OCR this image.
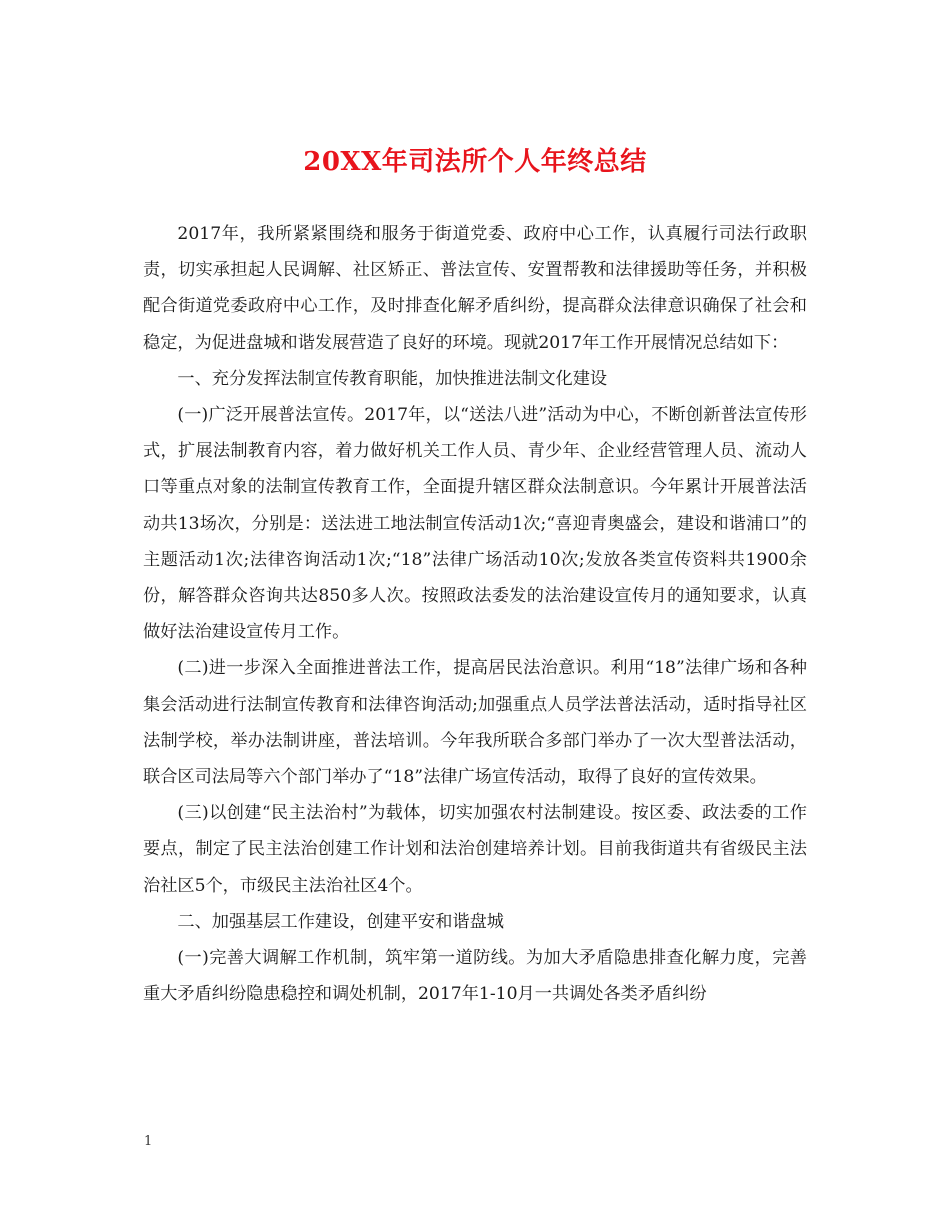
20XX年司法所个人年终总结

2017年，我所紧紧围绕和服务于街道党委、政府中心工作，认真履行司法行政职责，切实承担起人民调解、社区矫正、普法宣传、安置帮教和法律援助等任务，并积极配合街道党委政府中心工作，及时排查化解矛盾纠纷，提高群众法律意识确保了社会和稳定，为促进盘城和谐发展营造了良好的环境。现就2017年工作开展情况总结如下：

一、充分发挥法制宣传教育职能，加快推进法制文化建设

(一)广泛开展普法宣传。2017年，以“送法八进”活动为中心，不断创新普法宣传形式，扩展法制教育内容，着力做好机关工作人员、青少年、企业经营管理人员、流动人口等重点对象的法制宣传教育工作，全面提升辖区群众法制意识。今年累计开展普法活动共13场次，分别是：送法进工地法制宣传活动1次;“喜迎青奥盛会，建设和谐浦口”的主题活动1次;法律咨询活动1次;“18”法律广场活动10次;发放各类宣传资料共1900余份，解答群众咨询共达850多人次。按照政法委发的法治建设宣传月的通知要求，认真做好法治建设宣传月工作。

(二)进一步深入全面推进普法工作，提高居民法治意识。利用“18”法律广场和各种集会活动进行法制宣传教育和法律咨询活动;加强重点人员学法普法活动，适时指导社区法制学校，举办法制讲座，普法培训。今年我所联合多部门举办了一次大型普法活动，联合区司法局等六个部门举办了“18”法律广场宣传活动，取得了良好的宣传效果。

(三)以创建“民主法治村”为载体，切实加强农村法制建设。按区委、政法委的工作要点，制定了民主法治创建工作计划和法治创建培养计划。目前我街道共有省级民主法治社区5个，市级民主法治社区4个。

二、加强基层工作建设，创建平安和谐盘城

(一)完善大调解工作机制，筑牢第一道防线。为加大矛盾隐患排查化解力度，完善重大矛盾纠纷隐患稳控和调处机制，2017年1-10月一共调处各类矛盾纠纷

1
